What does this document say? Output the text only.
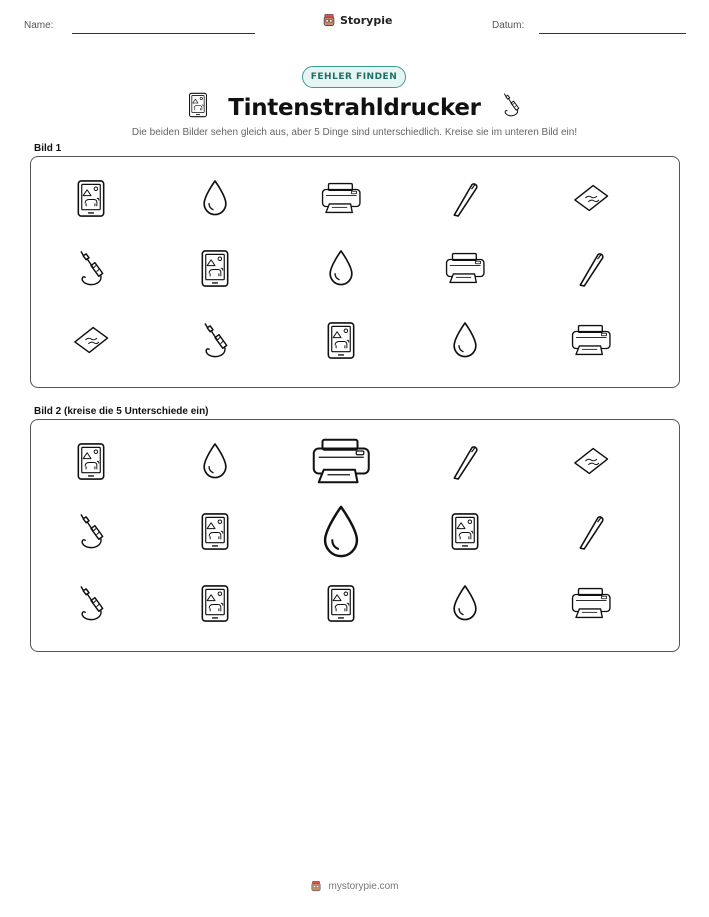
Name:	Storypie	Datum:
FEHLER FINDEN
Tintenstrahldrucker
Die beiden Bilder sehen gleich aus, aber 5 Dinge sind unterschiedlich. Kreise sie im unteren Bild ein!
Bild 1
Bild 2 (kreise die 5 Unterschiede ein)
mystorypie.com
